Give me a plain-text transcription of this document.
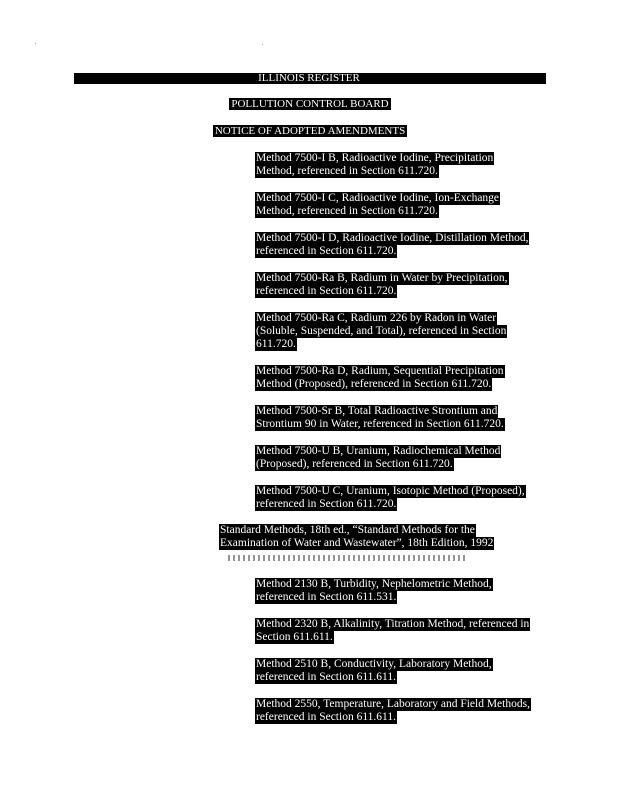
ILLINOIS REGISTER
POLLUTION CONTROL BOARD
NOTICE OF ADOPTED AMENDMENTS
Method 7500-I B, Radioactive Iodine, Precipitation
Method, referenced in Section 611.720.
Method 7500-I C, Radioactive Iodine, Ion-Exchange
Method, referenced in Section 611.720.
Method 7500-I D, Radioactive Iodine, Distillation Method,
referenced in Section 611.720.
Method 7500-Ra B, Radium in Water by Precipitation,
referenced in Section 611.720.
Method 7500-Ra C, Radium 226 by Radon in Water
(Soluble, Suspended, and Total), referenced in Section
611.720.
Method 7500-Ra D, Radium, Sequential Precipitation
Method (Proposed), referenced in Section 611.720.
Method 7500-Sr B, Total Radioactive Strontium and
Strontium 90 in Water, referenced in Section 611.720.
Method 7500-U B, Uranium, Radiochemical Method
(Proposed), referenced in Section 611.720.
Method 7500-U C, Uranium, Isotopic Method (Proposed),
referenced in Section 611.720.
Standard Methods, 18th ed., “Standard Methods for the
Examination of Water and Wastewater”, 18th Edition, 1992
Method 2130 B, Turbidity, Nephelometric Method,
referenced in Section 611.531.
Method 2320 B, Alkalinity, Titration Method, referenced in
Section 611.611.
Method 2510 B, Conductivity, Laboratory Method,
referenced in Section 611.611.
Method 2550, Temperature, Laboratory and Field Methods,
referenced in Section 611.611.
